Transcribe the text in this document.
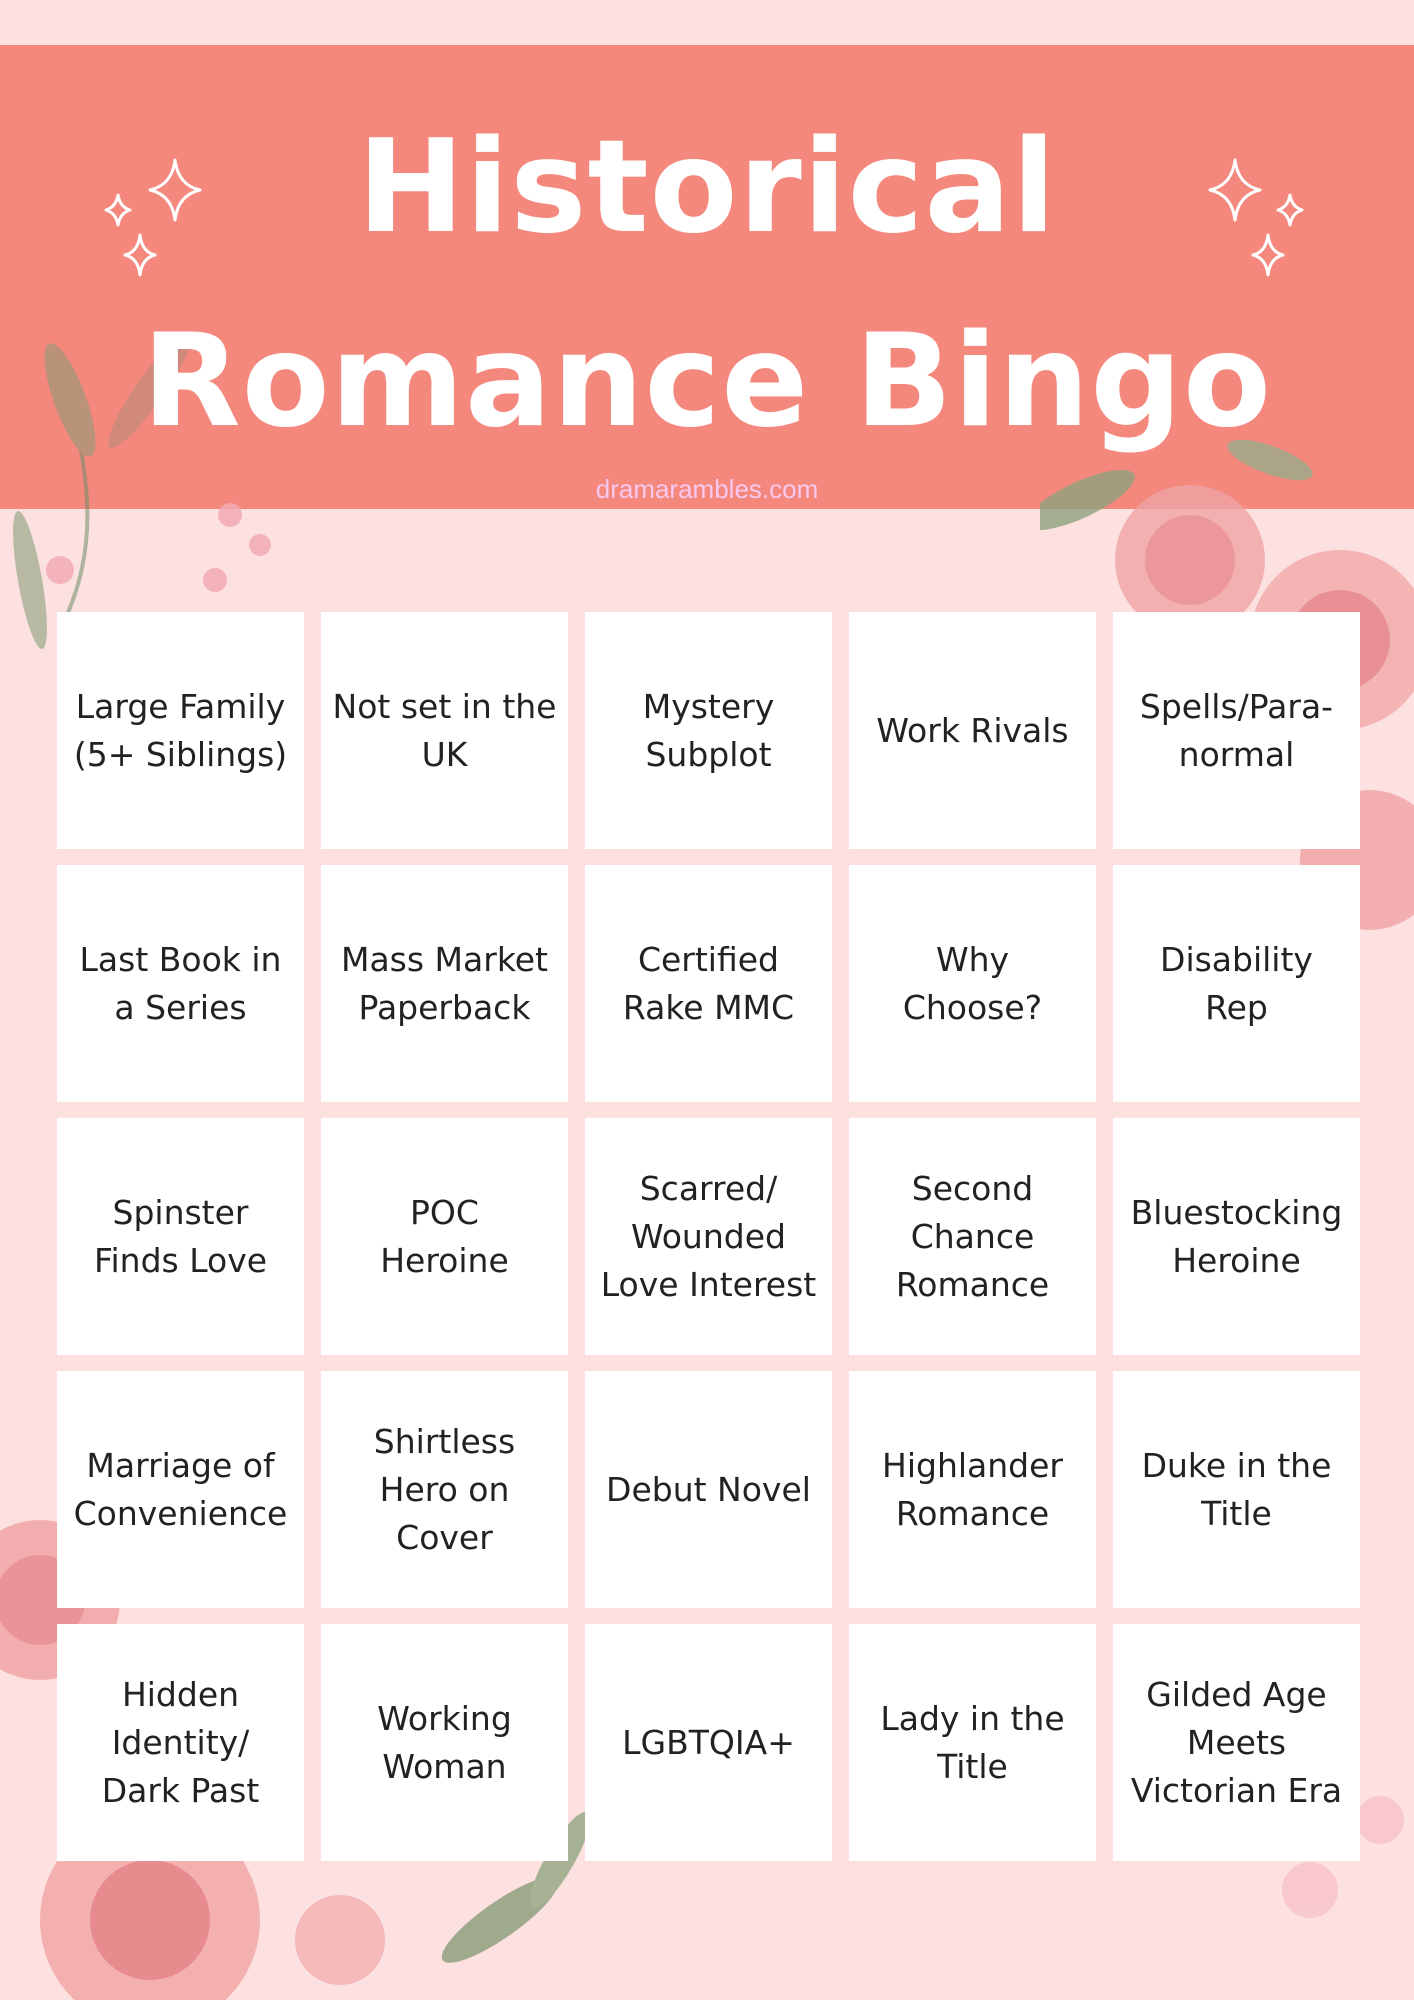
Historical
Romance Bingo
dramarambles.com
Large Family
(5+ Siblings)
Not set in the
UK
Mystery
Subplot
Work Rivals
Spells/Para-
normal
Last Book in
a Series
Mass Market
Paperback
Certified
Rake MMC
Why
Choose?
Disability
Rep
Spinster
Finds Love
POC
Heroine
Scarred/
Wounded
Love Interest
Second
Chance
Romance
Bluestocking
Heroine
Marriage of
Convenience
Shirtless
Hero on
Cover
Debut Novel
Highlander
Romance
Duke in the
Title
Hidden
Identity/
Dark Past
Working
Woman
LGBTQIA+
Lady in the
Title
Gilded Age
Meets
Victorian Era
